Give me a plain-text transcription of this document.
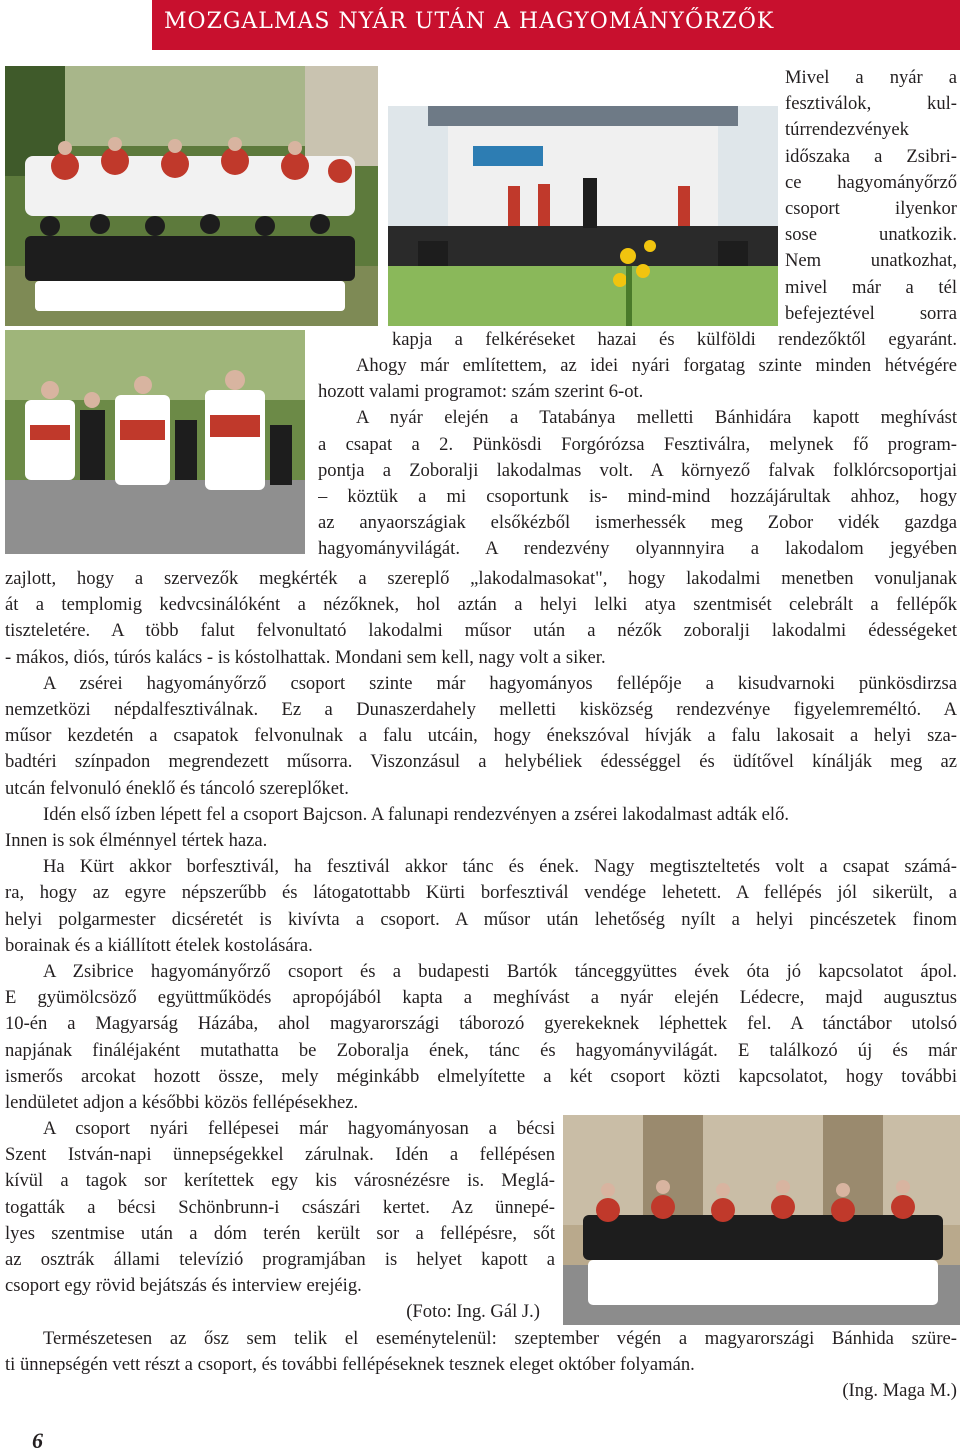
MOZGALMAS NYÁR UTÁN A HAGYOMÁNYŐRZŐK
Mivel a nyár a
fesztiválok, kul-
túrrendezvények
időszaka a Zsibri-
ce hagyományőrző
csoport ilyenkor
sose unatkozik.
Nem unatkozhat,
mivel már a tél
befejeztével sorra
kapja a felkéréseket hazai és külföldi rendezőktől egyaránt.
Ahogy már említettem, az idei nyári forgatag szinte minden hétvégére
hozott valami programot: szám szerint 6-ot.
A nyár elején a Tatabánya melletti Bánhidára kapott meghívást
a csapat a 2. Pünkösdi Forgórózsa Fesztiválra, melynek fő program-
pontja a Zoboralji lakodalmas volt. A környező falvak folklórcsoportjai
– köztük a mi csoportunk is- mind-mind hozzájárultak ahhoz, hogy
az anyaországiak elsőkézből ismerhessék meg Zobor vidék gazdga
hagyományvilágát. A rendezvény olyannnyira a lakodalom jegyében
zajlott, hogy a szervezők megkérték a szereplő „lakodalmasokat", hogy lakodalmi menetben vonuljanak
át a templomig kedvcsinálóként a nézőknek, hol aztán a helyi lelki atya szentmisét celebrált a fellépők
tiszteletére. A több falut felvonultató lakodalmi műsor után a nézők zoboralji lakodalmi édességeket
- mákos, diós, túrós kalács - is kóstolhattak. Mondani sem kell, nagy volt a siker.
A zsérei hagyományőrző csoport szinte már hagyományos fellépője a kisudvarnoki pünkösdirzsa
nemzetközi népdalfesztiválnak. Ez a Dunaszerdahely melletti kisközség rendezvénye figyelemreméltó. A
műsor kezdetén a csapatok felvonulnak a falu utcáin, hogy énekszóval hívják a falu lakosait a helyi sza-
badtéri színpadon megrendezett műsorra. Viszonzásul a helybéliek édességgel és üdítővel kínálják meg az
utcán felvonuló éneklő és táncoló szereplőket.
Idén első ízben lépett fel a csoport Bajcson. A falunapi rendezvényen a zsérei lakodalmast adták elő.
Innen is sok élménnyel tértek haza.
Ha Kürt akkor borfesztivál, ha fesztivál akkor tánc és ének. Nagy megtiszteltetés volt a csapat számá-
ra, hogy az egyre népszerűbb és látogatottabb Kürti borfesztivál vendége lehetett. A fellépés jól sikerült, a
helyi polgarmester dicséretét is kivívta a csoport. A műsor után lehetőség nyílt a helyi pincészetek finom
borainak és a kiállított ételek kostolására.
A Zsibrice hagyományőrző csoport és a budapesti Bartók tánceggyüttes évek óta jó kapcsolatot ápol.
E gyümölcsöző együttműködés apropójából kapta a meghívást a nyár elején Lédecre, majd augusztus
10-én a Magyarság Házába, ahol magyarországi táborozó gyerekeknek léphettek fel. A tánctábor utolsó
napjának fináléjaként mutathatta be Zoboralja ének, tánc és hagyományvilágát. E találkozó új és már
ismerős arcokat hozott össze, mely méginkább elmelyítette a két csoport közti kapcsolatot, hogy további
lendületet adjon a későbbi közös fellépésekhez.
A csoport nyári fellépesei már hagyományosan a bécsi
Szent István-napi ünnepségekkel zárulnak. Idén a fellépésen
kívül a tagok sor kerítettek egy kis városnézésre is. Meglá-
togatták a bécsi Schönbrunn-i császári kertet. Az ünnepé-
lyes szentmise után a dóm terén került sor a fellépésre, sőt
az osztrák állami televízió programjában is helyet kapott a
csoport egy rövid bejátszás és interview erejéig.
(Foto: Ing. Gál J.)
Természetesen az ősz sem telik el eseménytelenül: szeptember végén a magyarországi Bánhida szüre-
ti ünnepségén vett részt a csoport, és további fellépéseknek tesznek eleget október folyamán.
(Ing. Maga M.)
6
